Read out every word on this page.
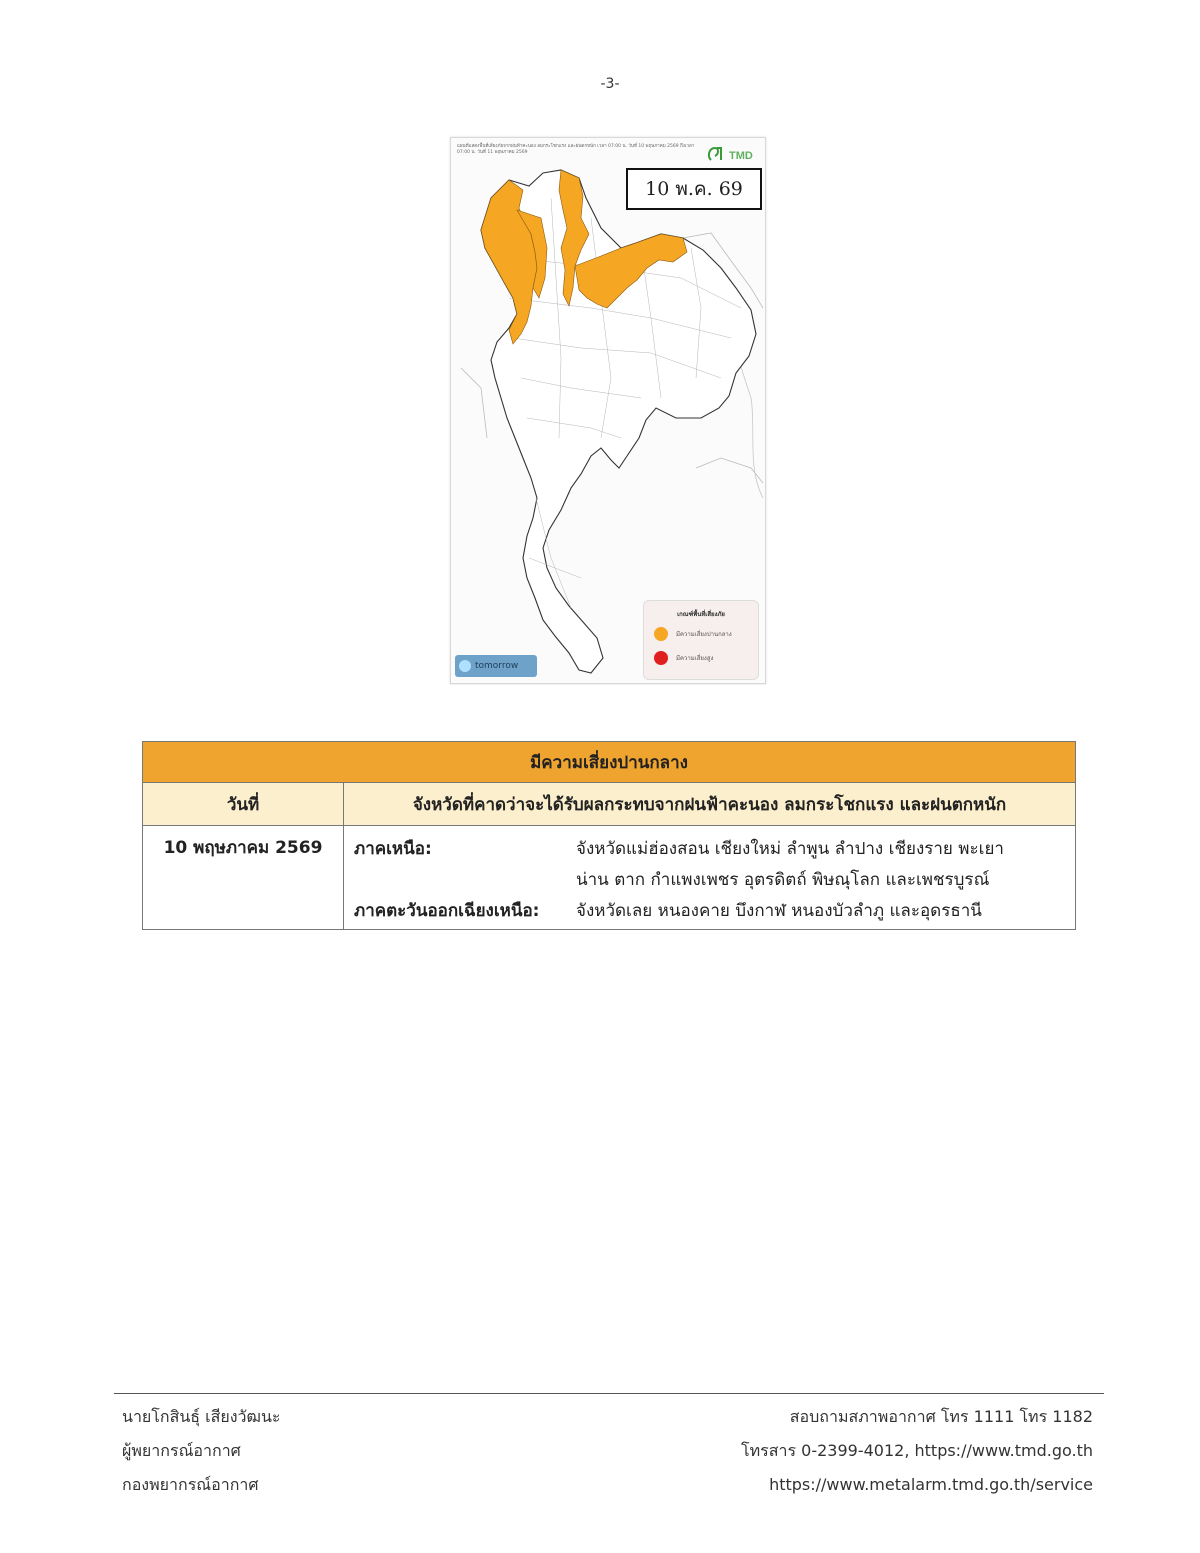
-3-
แผนที่แสดงพื้นที่เสี่ยงภัยจากฝนฟ้าคะนอง ลมกระโชกแรง และฝนตกหนัก เวลา 07:00 น. วันที่ 10 พฤษภาคม 2569 ถึงเวลา 07:00 น. วันที่ 11 พฤษภาคม 2569	TMD
10 พ.ค. 69
เกณฑ์พื้นที่เสี่ยงภัย
มีความเสี่ยงปานกลาง
มีความเสี่ยงสูง
tomorrow
มีความเสี่ยงปานกลาง	
วันที่	จังหวัดที่คาดว่าจะได้รับผลกระทบจากฝนฟ้าคะนอง ลมกระโชกแรง และฝนตกหนัก
10 พฤษภาคม 2569	ภาคเหนือ: จังหวัดแม่ฮ่องสอน เชียงใหม่ ลำพูน ลำปาง เชียงราย พะเยา
น่าน ตาก กำแพงเพชร อุตรดิตถ์ พิษณุโลก และเพชรบูรณ์
ภาคตะวันออกเฉียงเหนือ: จังหวัดเลย หนองคาย บึงกาฬ หนองบัวลำภู และอุดรธานี
นายโกสินธุ์ เสียงวัฒนะ
ผู้พยากรณ์อากาศ
กองพยากรณ์อากาศ
สอบถามสภาพอากาศ โทร 1111 โทร 1182
โทรสาร 0-2399-4012, https://www.tmd.go.th
https://www.metalarm.tmd.go.th/service
